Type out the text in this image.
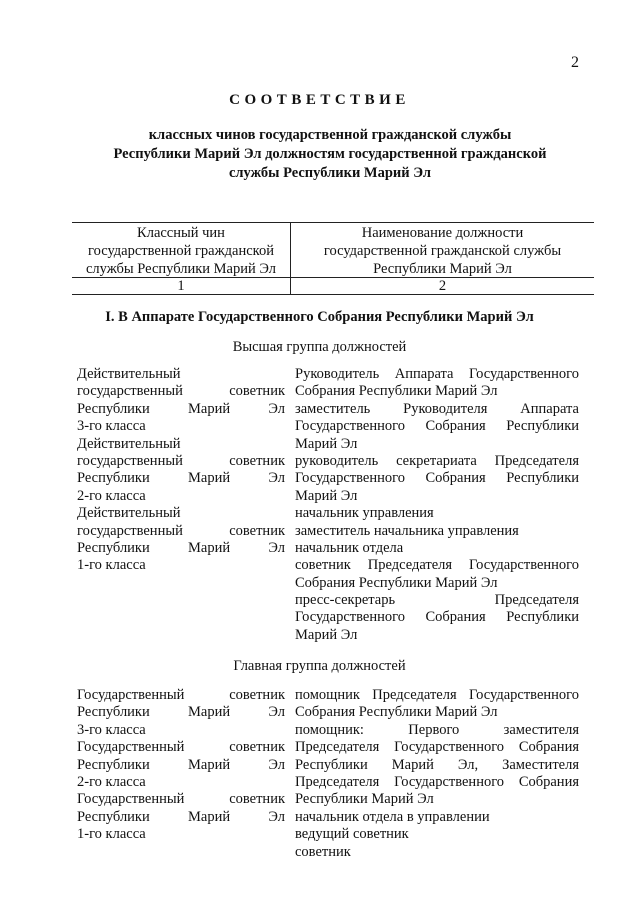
2
СООТВЕТСТВИЕ
классных чинов государственной гражданской службы
Республики Марий Эл должностям государственной гражданской
службы Республики Марий Эл
Классный чин
государственной гражданской
службы Республики Марий Эл
Наименование должности
государственной гражданской службы
Республики Марий Эл
1	2
I. В Аппарате Государственного Собрания Республики Марий Эл
Высшая группа должностей
Действительный
государственный советник
Республики Марий Эл
3-го класса
Действительный
государственный советник
Республики Марий Эл
2-го класса
Действительный
государственный советник
Республики Марий Эл
1-го класса
Руководитель Аппарата Государственного
Собрания Республики Марий Эл
заместитель Руководителя Аппарата
Государственного Собрания Республики
Марий Эл
руководитель секретариата Председателя
Государственного Собрания Республики
Марий Эл
начальник управления
заместитель начальника управления
начальник отдела
советник Председателя Государственного
Собрания Республики Марий Эл
пресс-секретарь Председателя
Государственного Собрания Республики
Марий Эл
Главная группа должностей
Государственный советник
Республики Марий Эл
3-го класса
Государственный советник
Республики Марий Эл
2-го класса
Государственный советник
Республики Марий Эл
1-го класса
помощник Председателя Государственного
Собрания Республики Марий Эл
помощник: Первого заместителя
Председателя Государственного Собрания
Республики Марий Эл, Заместителя
Председателя Государственного Собрания
Республики Марий Эл
начальник отдела в управлении
ведущий советник
советник
